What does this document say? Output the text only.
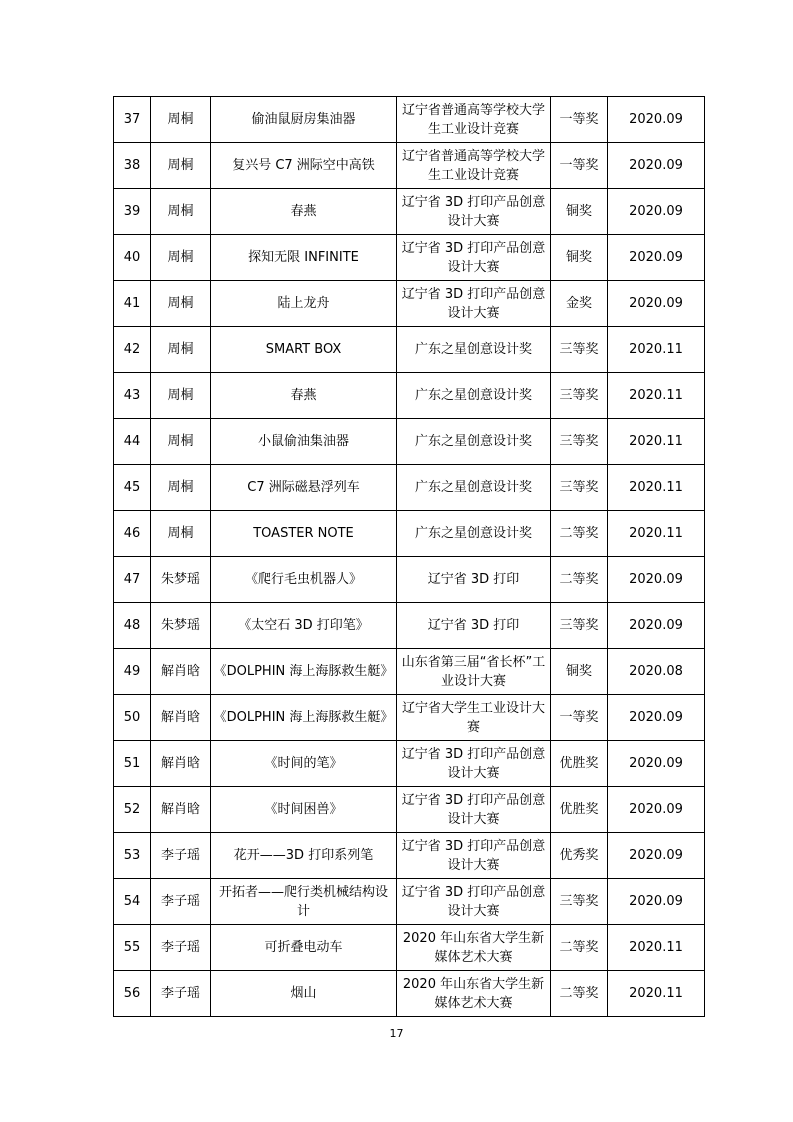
37	周桐	偷油鼠厨房集油器	辽宁省普通高等学校大学生工业设计竞赛	一等奖	2020.09
38	周桐	复兴号 C7 洲际空中高铁	辽宁省普通高等学校大学生工业设计竞赛	一等奖	2020.09
39	周桐	春燕	辽宁省 3D 打印产品创意设计大赛	铜奖	2020.09
40	周桐	探知无限 INFINITE	辽宁省 3D 打印产品创意设计大赛	铜奖	2020.09
41	周桐	陆上龙舟	辽宁省 3D 打印产品创意设计大赛	金奖	2020.09
42	周桐	SMART BOX	广东之星创意设计奖	三等奖	2020.11
43	周桐	春燕	广东之星创意设计奖	三等奖	2020.11
44	周桐	小鼠偷油集油器	广东之星创意设计奖	三等奖	2020.11
45	周桐	C7 洲际磁悬浮列车	广东之星创意设计奖	三等奖	2020.11
46	周桐	TOASTER NOTE	广东之星创意设计奖	二等奖	2020.11
47	朱梦瑶	《爬行毛虫机器人》	辽宁省 3D 打印	二等奖	2020.09
48	朱梦瑶	《太空石 3D 打印笔》	辽宁省 3D 打印	三等奖	2020.09
49	解肖晗	《DOLPHIN 海上海豚救生艇》	山东省第三届“省长杯”工业设计大赛	铜奖	2020.08
50	解肖晗	《DOLPHIN 海上海豚救生艇》	辽宁省大学生工业设计大赛	一等奖	2020.09
51	解肖晗	《时间的笔》	辽宁省 3D 打印产品创意设计大赛	优胜奖	2020.09
52	解肖晗	《时间困兽》	辽宁省 3D 打印产品创意设计大赛	优胜奖	2020.09
53	李子瑶	花开——3D 打印系列笔	辽宁省 3D 打印产品创意设计大赛	优秀奖	2020.09
54	李子瑶	开拓者——爬行类机械结构设计	辽宁省 3D 打印产品创意设计大赛	三等奖	2020.09
55	李子瑶	可折叠电动车	2020 年山东省大学生新媒体艺术大赛	二等奖	2020.11
56	李子瑶	烟山	2020 年山东省大学生新媒体艺术大赛	二等奖	2020.11
17
